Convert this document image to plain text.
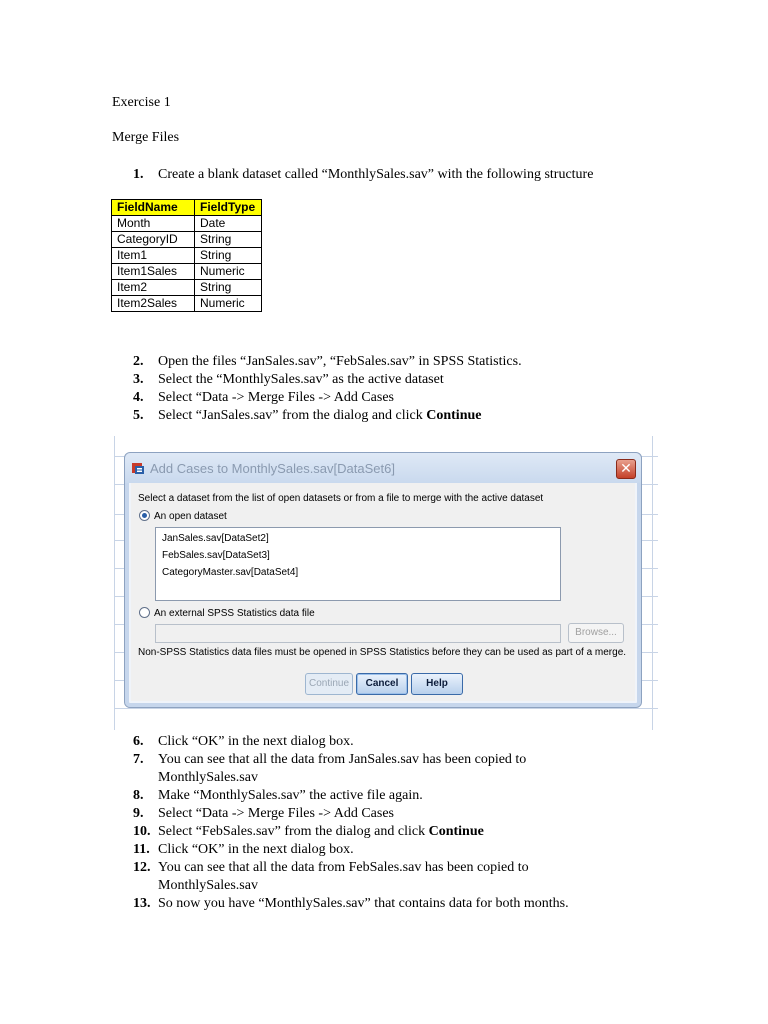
Exercise 1
Merge Files
1. Create a blank dataset called “MonthlySales.sav” with the following structure
FieldName	FieldType
Month	Date
CategoryID	String
Item1	String
Item1Sales	Numeric
Item2	String
Item2Sales	Numeric
2. Open the files “JanSales.sav”, “FebSales.sav” in SPSS Statistics.
3. Select the “MonthlySales.sav” as the active dataset
4. Select “Data -> Merge Files -> Add Cases
5. Select “JanSales.sav” from the dialog and click Continue
Add Cases to MonthlySales.sav[DataSet6]	✕
Select a dataset from the list of open datasets or from a file to merge with the active dataset
An open dataset
JanSales.sav[DataSet2]
FebSales.sav[DataSet3]
CategoryMaster.sav[DataSet4]
An external SPSS Statistics data file
Browse...
Non-SPSS Statistics data files must be opened in SPSS Statistics before they can be used as part of a merge.
Continue	Cancel	Help
6. Click “OK” in the next dialog box.
7. You can see that all the data from JanSales.sav has been copied to
MonthlySales.sav
8. Make “MonthlySales.sav” the active file again.
9. Select “Data -> Merge Files -> Add Cases
10. Select “FebSales.sav” from the dialog and click Continue
11. Click “OK” in the next dialog box.
12. You can see that all the data from FebSales.sav has been copied to
MonthlySales.sav
13. So now you have “MonthlySales.sav” that contains data for both months.
